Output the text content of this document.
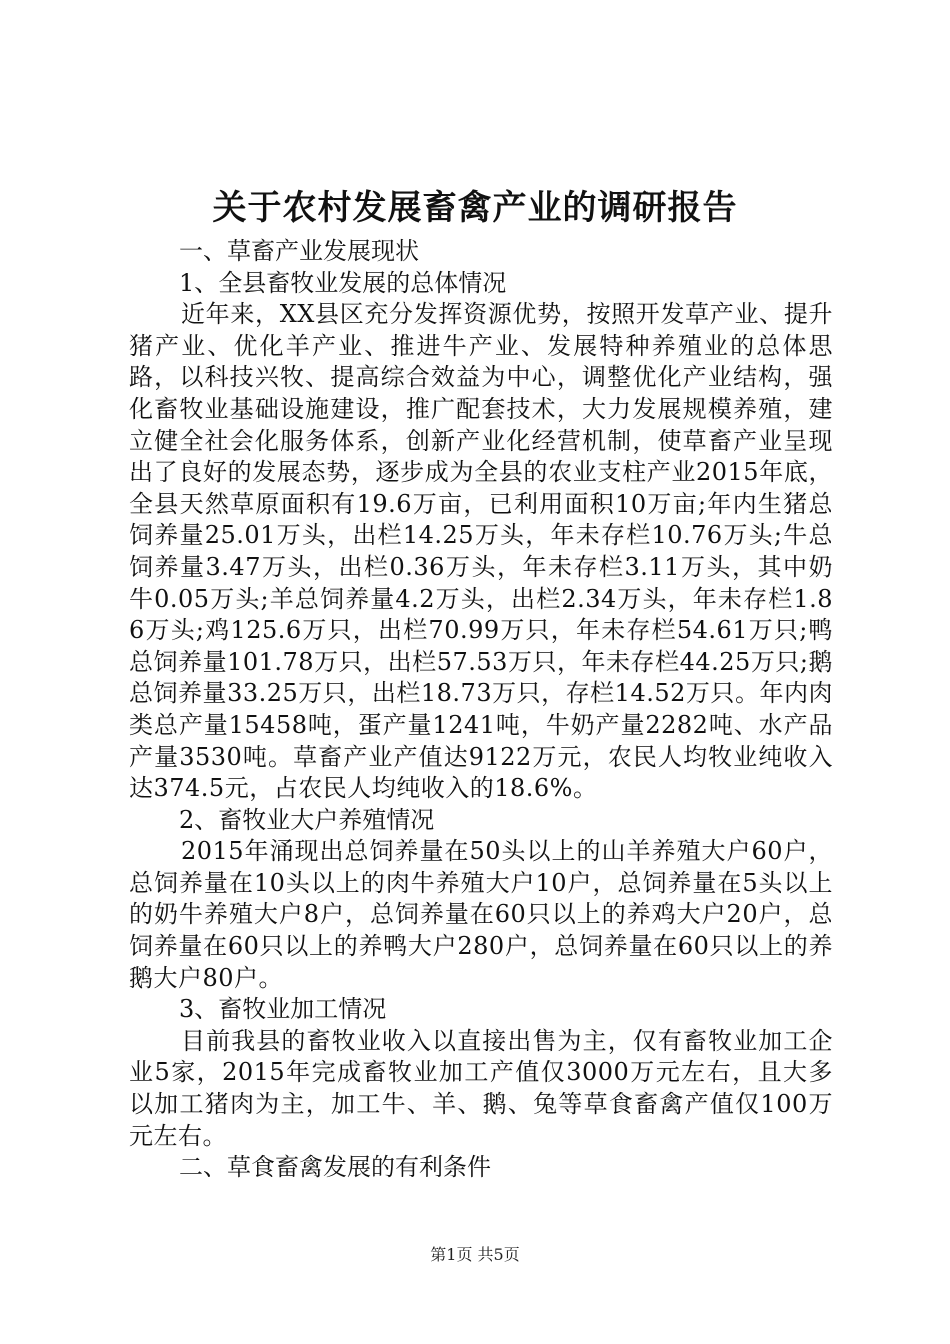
关于农村发展畜禽产业的调研报告

一、草畜产业发展现状

1、全县畜牧业发展的总体情况

近年来，XX县区充分发挥资源优势，按照开发草产业、提升猪产业、优化羊产业、推进牛产业、发展特种养殖业的总体思路，以科技兴牧、提高综合效益为中心，调整优化产业结构，强化畜牧业基础设施建设，推广配套技术，大力发展规模养殖，建立健全社会化服务体系，创新产业化经营机制，使草畜产业呈现出了良好的发展态势，逐步成为全县的农业支柱产业2015年底，全县天然草原面积有19.6万亩，已利用面积10万亩;年内生猪总饲养量25.01万头，出栏14.25万头，年未存栏10.76万头;牛总饲养量3.47万头，出栏0.36万头，年未存栏3.11万头，其中奶牛0.05万头;羊总饲养量4.2万头，出栏2.34万头，年未存栏1.86万头;鸡125.6万只，出栏70.99万只，年未存栏54.61万只;鸭总饲养量101.78万只，出栏57.53万只，年未存栏44.25万只;鹅总饲养量33.25万只，出栏18.73万只，存栏14.52万只。年内肉类总产量15458吨，蛋产量1241吨，牛奶产量2282吨、水产品产量3530吨。草畜产业产值达9122万元，农民人均牧业纯收入达374.5元，占农民人均纯收入的18.6%。

2、畜牧业大户养殖情况

2015年涌现出总饲养量在50头以上的山羊养殖大户60户，总饲养量在10头以上的肉牛养殖大户10户，总饲养量在5头以上的奶牛养殖大户8户，总饲养量在60只以上的养鸡大户20户，总饲养量在60只以上的养鸭大户280户，总饲养量在60只以上的养鹅大户80户。

3、畜牧业加工情况

目前我县的畜牧业收入以直接出售为主，仅有畜牧业加工企业5家，2015年完成畜牧业加工产值仅3000万元左右，且大多以加工猪肉为主，加工牛、羊、鹅、兔等草食畜禽产值仅100万元左右。

二、草食畜禽发展的有利条件

第1页 共5页
